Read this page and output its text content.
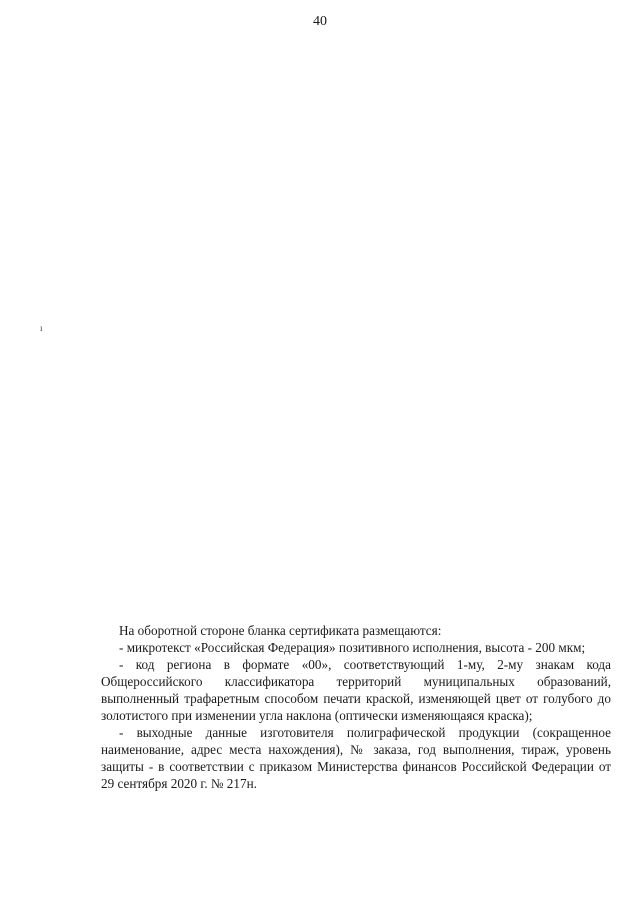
40
ı

На оборотной стороне бланка сертификата размещаются:

- микротекст «Российская Федерация» позитивного исполнения, высота - 200 мкм;

- код региона в формате «00», соответствующий 1-му, 2-му знакам кода Общероссийского классификатора территорий муниципальных образований, выполненный трафаретным способом печати краской, изменяющей цвет от голубого до золотистого при изменении угла наклона (оптически изменяющаяся краска);

- выходные данные изготовителя полиграфической продукции (сокращенное наименование, адрес места нахождения), № заказа, год выполнения, тираж, уровень защиты - в соответствии с приказом Министерства финансов Российской Федерации от 29 сентября 2020 г. № 217н.
